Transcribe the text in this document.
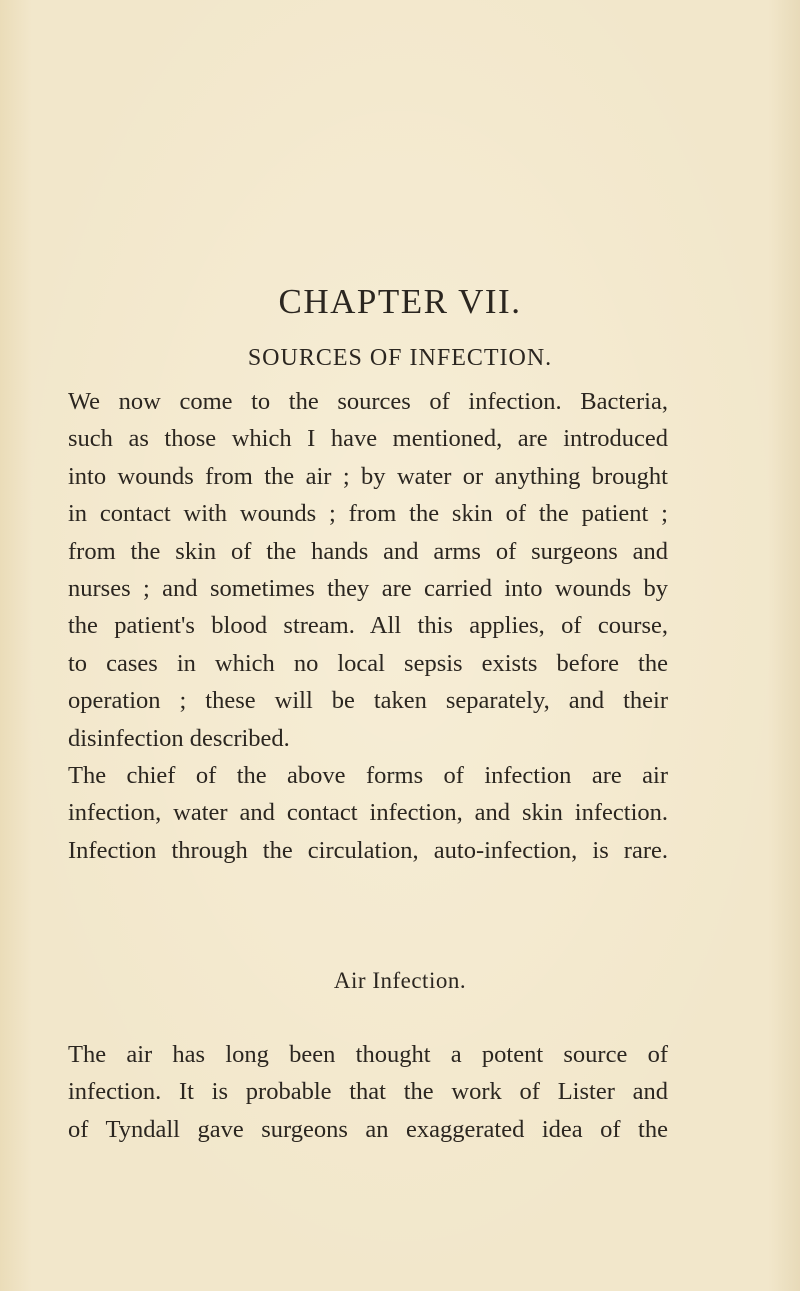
CHAPTER VII.
SOURCES OF INFECTION.
We now come to the sources of infection. Bacteria,
such as those which I have mentioned, are introduced
into wounds from the air ; by water or anything brought
in contact with wounds ; from the skin of the patient ;
from the skin of the hands and arms of surgeons and
nurses ; and sometimes they are carried into wounds by
the patient's blood stream. All this applies, of course,
to cases in which no local sepsis exists before the
operation ; these will be taken separately, and their
disinfection described.
The chief of the above forms of infection are air
infection, water and contact infection, and skin infection.
Infection through the circulation, auto-infection, is rare.
Air Infection.
The air has long been thought a potent source of
infection. It is probable that the work of Lister and
of Tyndall gave surgeons an exaggerated idea of the
